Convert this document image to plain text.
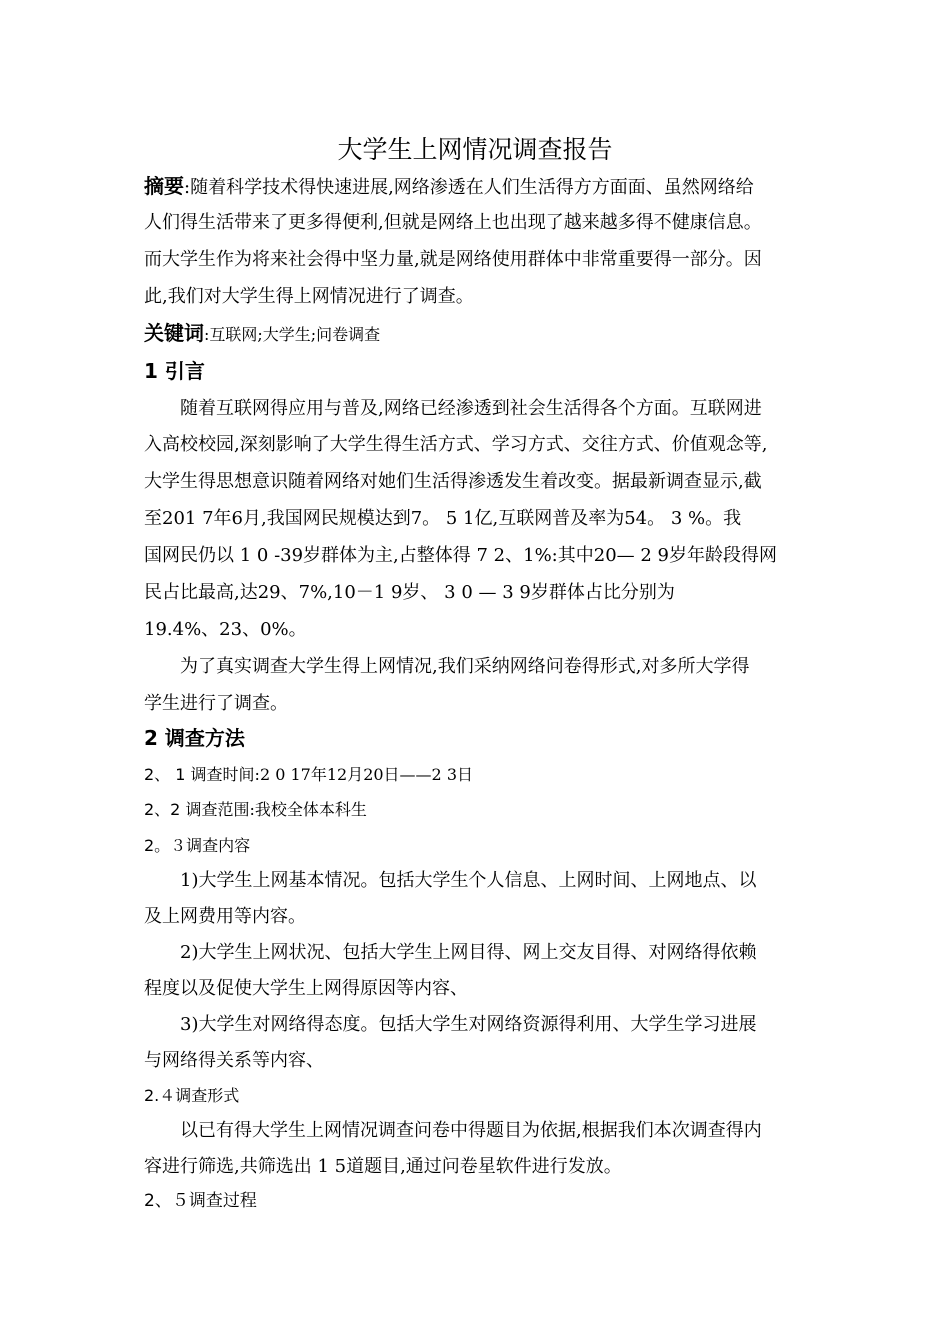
大学生上网情况调查报告
摘要:随着科学技术得快速进展,网络渗透在人们生活得方方面面、虽然网络给
人们得生活带来了更多得便利,但就是网络上也出现了越来越多得不健康信息。
而大学生作为将来社会得中坚力量,就是网络使用群体中非常重要得一部分。因
此,我们对大学生得上网情况进行了调查。
关键词:互联网;大学生;问卷调查
1 引言
随着互联网得应用与普及,网络已经渗透到社会生活得各个方面。互联网进
入高校校园,深刻影响了大学生得生活方式、学习方式、交往方式、价值观念等,
大学生得思想意识随着网络对她们生活得渗透发生着改变。据最新调查显示,截
至201 7年6月,我国网民规模达到7。 5 1亿,互联网普及率为54。 3 %。我
国网民仍以 1 0 -39岁群体为主,占整体得 7 2、1%:其中20— 2 9岁年龄段得网
民占比最高,达29、7%,10－1 9岁、 3 0 — 3 9岁群体占比分别为
19.4%、23、0%。
为了真实调查大学生得上网情况,我们采纳网络问卷得形式,对多所大学得
学生进行了调查。
2 调查方法
2、 1 调查时间:2 0 17年12月20日——2 3日
2、2 调查范围:我校全体本科生
2。３调查内容
1)大学生上网基本情况。包括大学生个人信息、上网时间、上网地点、以
及上网费用等内容。
2)大学生上网状况、包括大学生上网目得、网上交友目得、对网络得依赖
程度以及促使大学生上网得原因等内容、
3)大学生对网络得态度。包括大学生对网络资源得利用、大学生学习进展
与网络得关系等内容、
2.４调查形式
以已有得大学生上网情况调查问卷中得题目为依据,根据我们本次调查得内
容进行筛选,共筛选出 1 5道题目,通过问卷星软件进行发放。
2、５调查过程
